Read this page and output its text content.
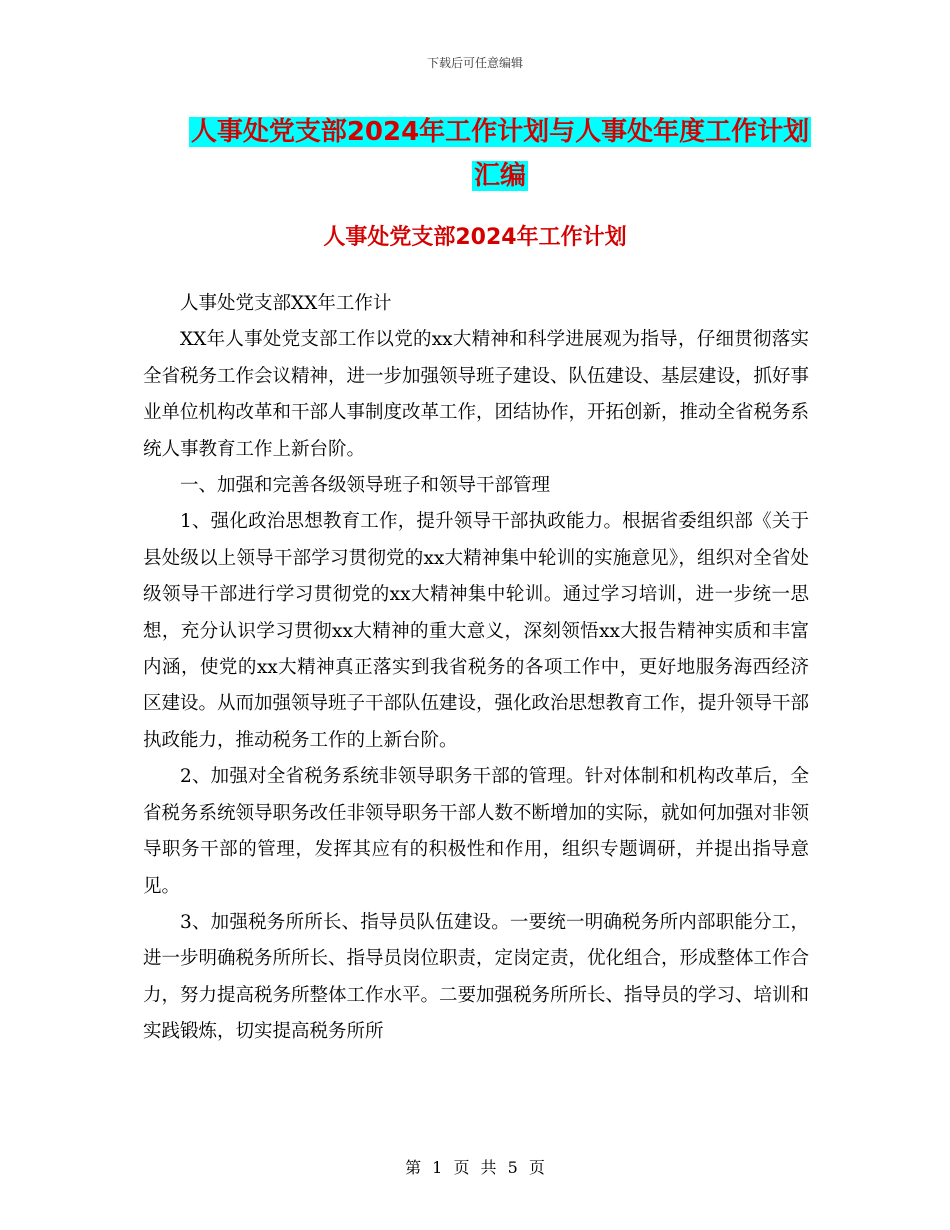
下载后可任意编辑
人事处党支部2024年工作计划与人事处年度工作计划
汇编
人事处党支部2024年工作计划

人事处党支部XX年工作计

XX年人事处党支部工作以党的xx大精神和科学进展观为指导，仔细贯彻落实全省税务工作会议精神，进一步加强领导班子建设、队伍建设、基层建设，抓好事业单位机构改革和干部人事制度改革工作，团结协作，开拓创新，推动全省税务系统人事教育工作上新台阶。

一、加强和完善各级领导班子和领导干部管理

1、强化政治思想教育工作，提升领导干部执政能力。根据省委组织部《关于县处级以上领导干部学习贯彻党的xx大精神集中轮训的实施意见》，组织对全省处级领导干部进行学习贯彻党的xx大精神集中轮训。通过学习培训，进一步统一思想，充分认识学习贯彻xx大精神的重大意义，深刻领悟xx大报告精神实质和丰富内涵，使党的xx大精神真正落实到我省税务的各项工作中，更好地服务海西经济区建设。从而加强领导班子干部队伍建设，强化政治思想教育工作，提升领导干部执政能力，推动税务工作的上新台阶。

2、加强对全省税务系统非领导职务干部的管理。针对体制和机构改革后，全省税务系统领导职务改任非领导职务干部人数不断增加的实际，就如何加强对非领导职务干部的管理，发挥其应有的积极性和作用，组织专题调研，并提出指导意见。

3、加强税务所所长、指导员队伍建设。一要统一明确税务所内部职能分工，进一步明确税务所所长、指导员岗位职责，定岗定责，优化组合，形成整体工作合力，努力提高税务所整体工作水平。二要加强税务所所长、指导员的学习、培训和实践锻炼，切实提高税务所所

第 1 页 共 5 页
